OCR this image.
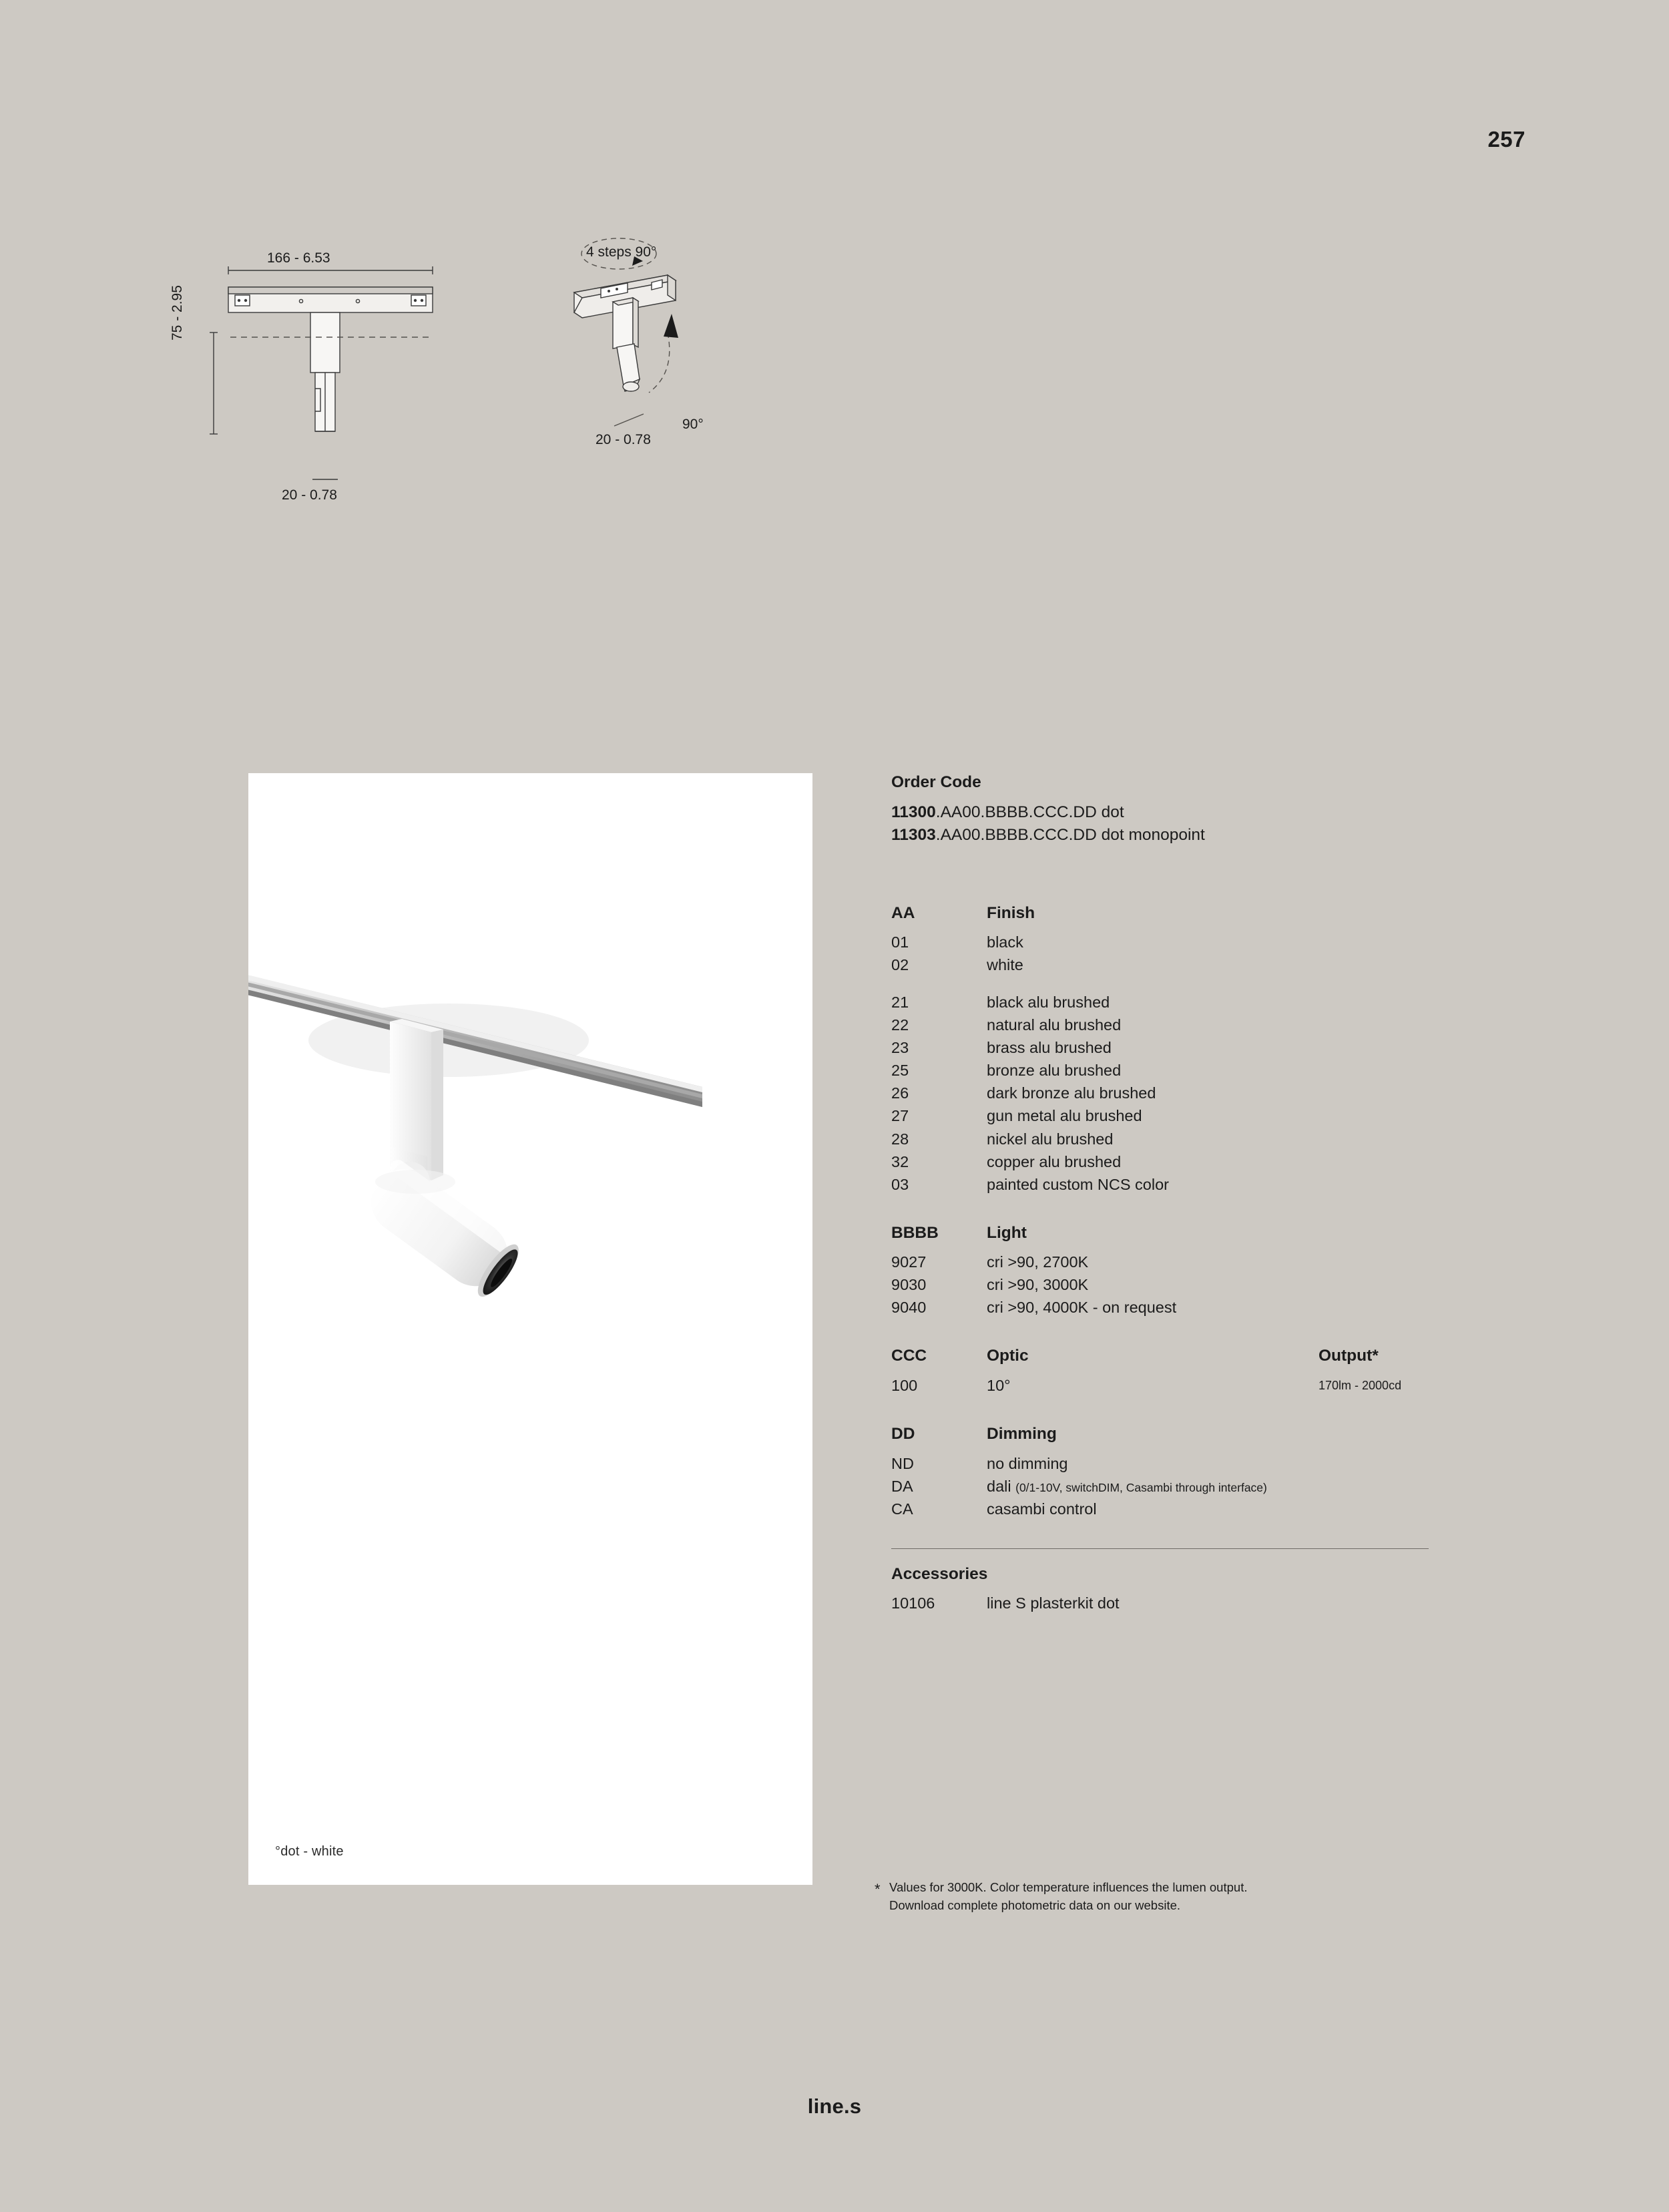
257
166 - 6.53
75 - 2.95
20 - 0.78
4 steps 90°
90°
20 - 0.78
°dot - white
Order Code
11300.AA00.BBBB.CCC.DD dot
11303.AA00.BBBB.CCC.DD dot monopoint
AA	Finish
01	black
02	white
21	black alu brushed
22	natural alu brushed
23	brass alu brushed
25	bronze alu brushed
26	dark bronze alu brushed
27	gun metal alu brushed
28	nickel alu brushed
32	copper alu brushed
03	painted custom NCS color
BBBB	Light
9027	cri >90, 2700K
9030	cri >90, 3000K
9040	cri >90, 4000K - on request
CCC	Optic	Output*
100	10°	170lm - 2000cd
DD	Dimming
ND	no dimming
DA	dali (0/1-10V, switchDIM, Casambi through interface)
CA	casambi control
Accessories
10106	line S plasterkit dot
* Values for 3000K. Color temperature influences the lumen output.
Download complete photometric data on our website.
line.s
